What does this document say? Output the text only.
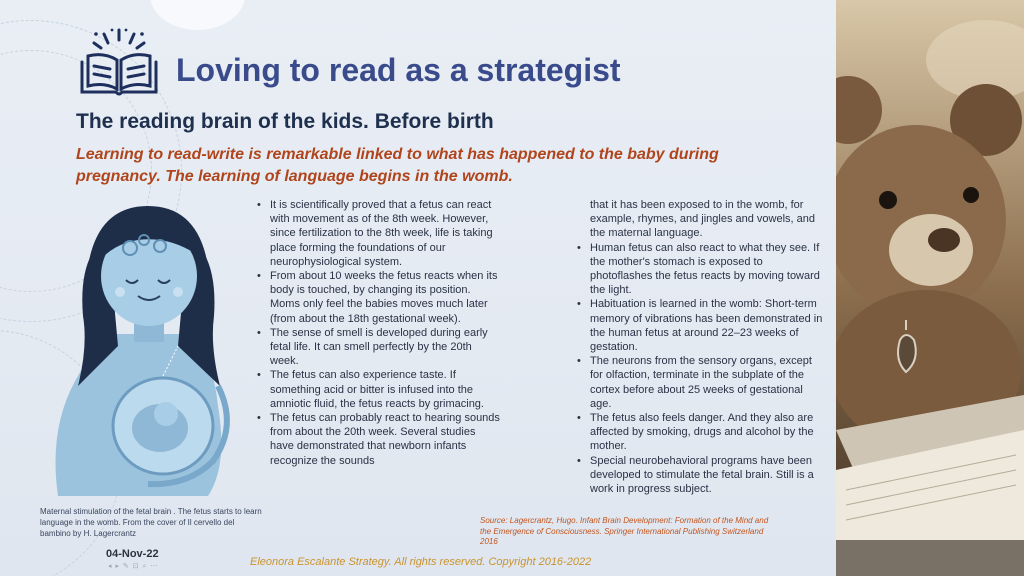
Loving to read as a strategist
The reading brain of the kids. Before birth
Learning to read-write is remarkable linked to what has happened to the baby during pregnancy. The learning of language begins in the womb.
Maternal stimulation of the fetal brain . The fetus starts to learn language in the womb. From the cover of Il cervello del bambino by H. Lagercrantz
• It is scientifically proved that a fetus can react with movement as of the 8th week. However, since fertilization to the 8th week, life is taking place forming the foundations of our neurophysiological system.
• From about 10 weeks the fetus reacts when its body is touched, by changing its position. Moms only feel the babies moves much later (from about the 18th gestational week).
• The sense of smell is developed during early fetal life. It can smell perfectly by the 20th week.
• The fetus can also experience taste. If something acid or bitter is infused into the amniotic fluid, the fetus reacts by grimacing.
• The fetus can probably react to hearing sounds from about the 20th week. Several studies have demonstrated that newborn infants recognize the sounds
that it has been exposed to in the womb, for example, rhymes, and jingles and vowels, and the maternal language.
• Human fetus can also react to what they see. If the mother's stomach is exposed to photoflashes the fetus reacts by moving toward the light.
• Habituation is learned in the womb: Short-term memory of vibrations has been demonstrated in the human fetus at around 22–23 weeks of gestation.
• The neurons from the sensory organs, except for olfaction, terminate in the subplate of the cortex before about 25 weeks of gestational age.
• The fetus also feels danger. And they also are affected by smoking, drugs and alcohol by the mother.
• Special neurobehavioral programs have been developed to stimulate the fetal brain. Still is a work in progress subject.
Source: Lagercrantz, Hugo. Infant Brain Development: Formation of the Mind and the Emergence of Consciousness. Springer International Publishing Switzerland 2016
04-Nov-22
◂ ▸ ✎ ⊡ ⌕ ⋯	Eleonora Escalante Strategy. All rights reserved. Copyright 2016-2022
